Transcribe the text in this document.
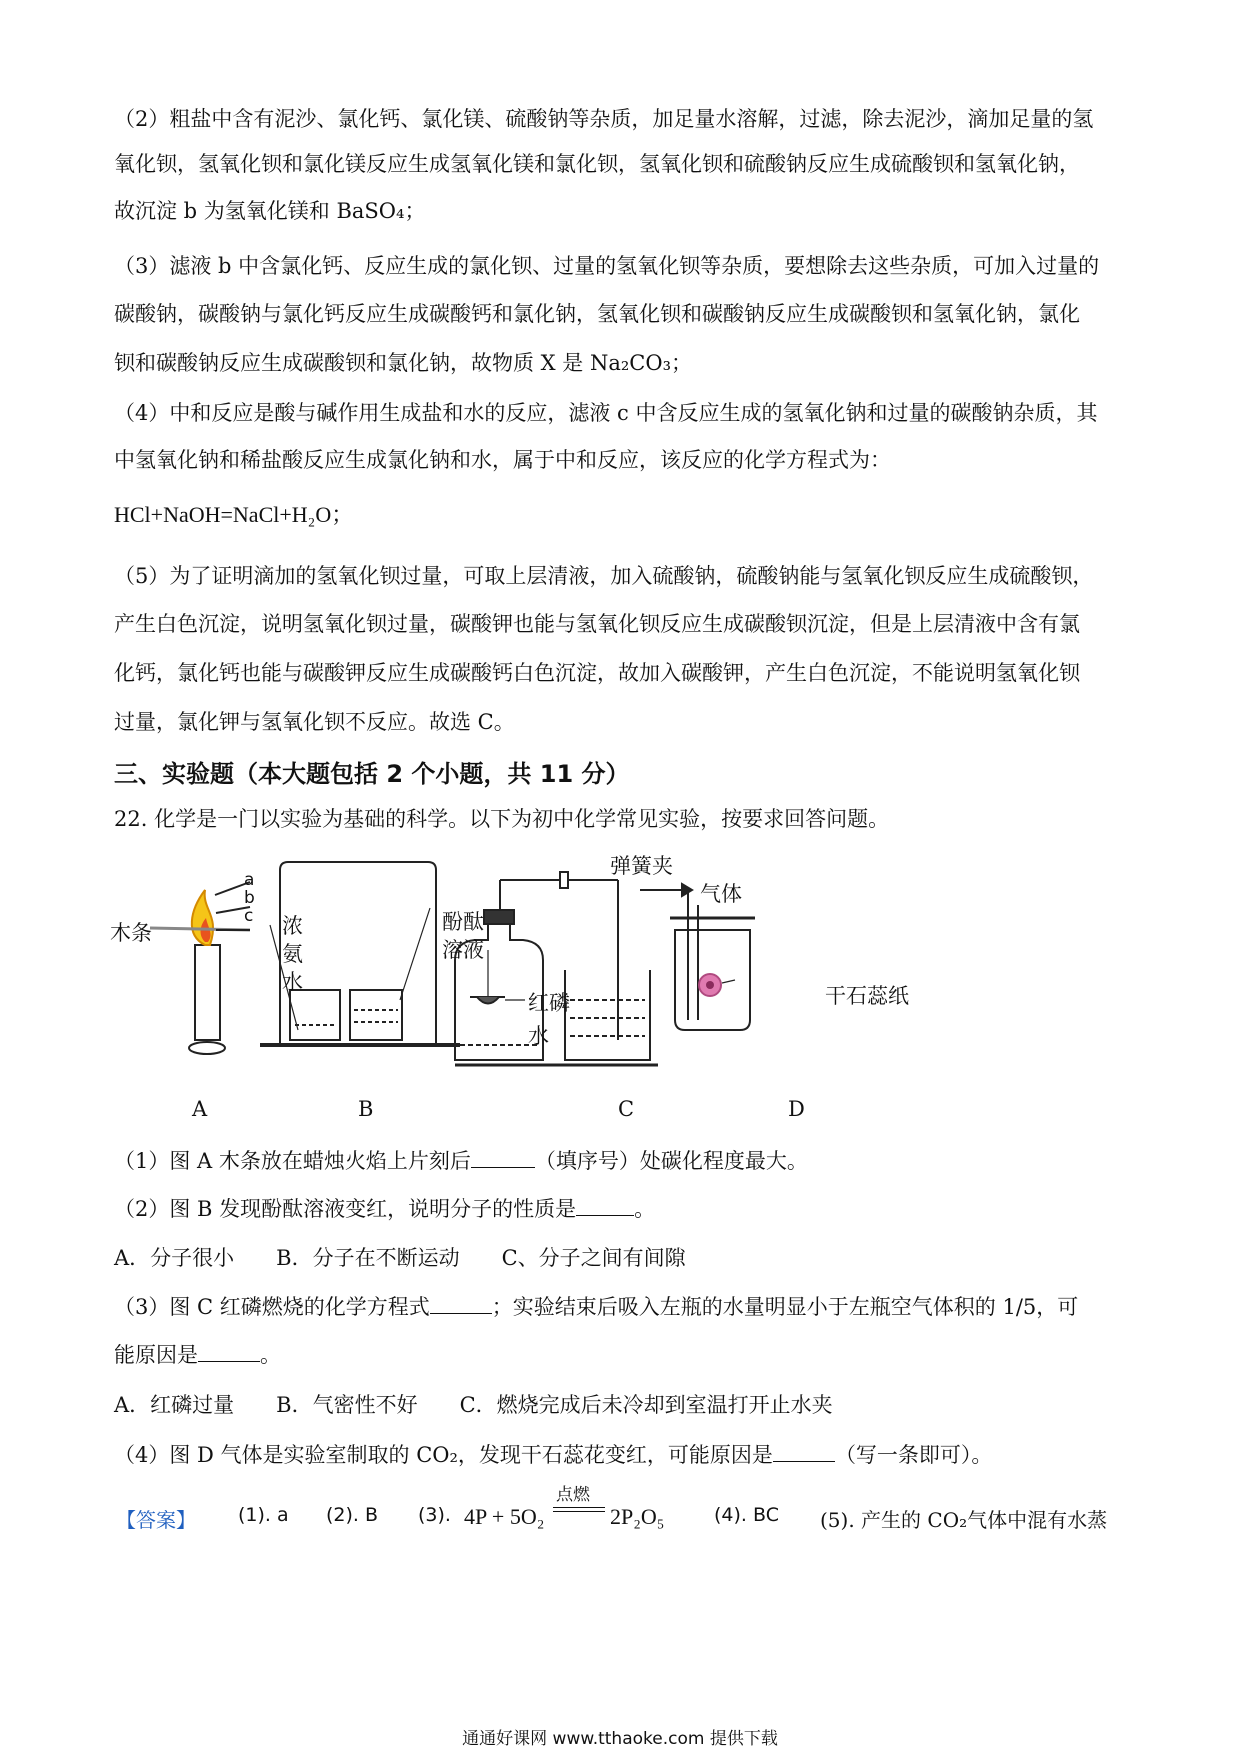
（2）粗盐中含有泥沙、氯化钙、氯化镁、硫酸钠等杂质，加足量水溶解，过滤，除去泥沙，滴加足量的氢
氧化钡，氢氧化钡和氯化镁反应生成氢氧化镁和氯化钡，氢氧化钡和硫酸钠反应生成硫酸钡和氢氧化钠，
故沉淀 b 为氢氧化镁和 BaSO₄；
（3）滤液 b 中含氯化钙、反应生成的氯化钡、过量的氢氧化钡等杂质，要想除去这些杂质，可加入过量的
碳酸钠，碳酸钠与氯化钙反应生成碳酸钙和氯化钠，氢氧化钡和碳酸钠反应生成碳酸钡和氢氧化钠，氯化
钡和碳酸钠反应生成碳酸钡和氯化钠，故物质 X 是 Na₂CO₃；
（4）中和反应是酸与碱作用生成盐和水的反应，滤液 c 中含反应生成的氢氧化钠和过量的碳酸钠杂质，其
中氢氧化钠和稀盐酸反应生成氯化钠和水，属于中和反应，该反应的化学方程式为：
HCl+NaOH=NaCl+H₂O；
（5）为了证明滴加的氢氧化钡过量，可取上层清液，加入硫酸钠，硫酸钠能与氢氧化钡反应生成硫酸钡，
产生白色沉淀，说明氢氧化钡过量，碳酸钾也能与氢氧化钡反应生成碳酸钡沉淀，但是上层清液中含有氯
化钙，氯化钙也能与碳酸钾反应生成碳酸钙白色沉淀，故加入碳酸钾，产生白色沉淀，不能说明氢氧化钡
过量，氯化钾与氢氧化钡不反应。故选 C。
三、实验题（本大题包括 2 个小题，共 11 分）
22. 化学是一门以实验为基础的科学。以下为初中化学常见实验，按要求回答问题。
a
b
c
木条	浓
氨
水
酚酞
溶液
弹簧夹
红磷
水
气体
干石蕊纸
A	B	C	D
（1）图 A 木条放在蜡烛火焰上片刻后	（填序号）处碳化程度最大。
（2）图 B 发现酚酞溶液变红，说明分子的性质是	。
A．分子很小　　B．分子在不断运动　　C、分子之间有间隙
（3）图 C 红磷燃烧的化学方程式	；实验结束后吸入左瓶的水量明显小于左瓶空气体积的 1/5，可
能原因是	。
A．红磷过量　　B．气密性不好　　C．燃烧完成后未冷却到室温打开止水夹
（4）图 D 气体是实验室制取的 CO₂，发现干石蕊花变红，可能原因是	（写一条即可）。
【答案】 (1). a (2). B (3). 4P + 5O₂
点燃
2P₂O₅	(4). BC (5). 产生的 CO₂气体中混有水蒸
通通好课网 www.tthaoke.com 提供下载
